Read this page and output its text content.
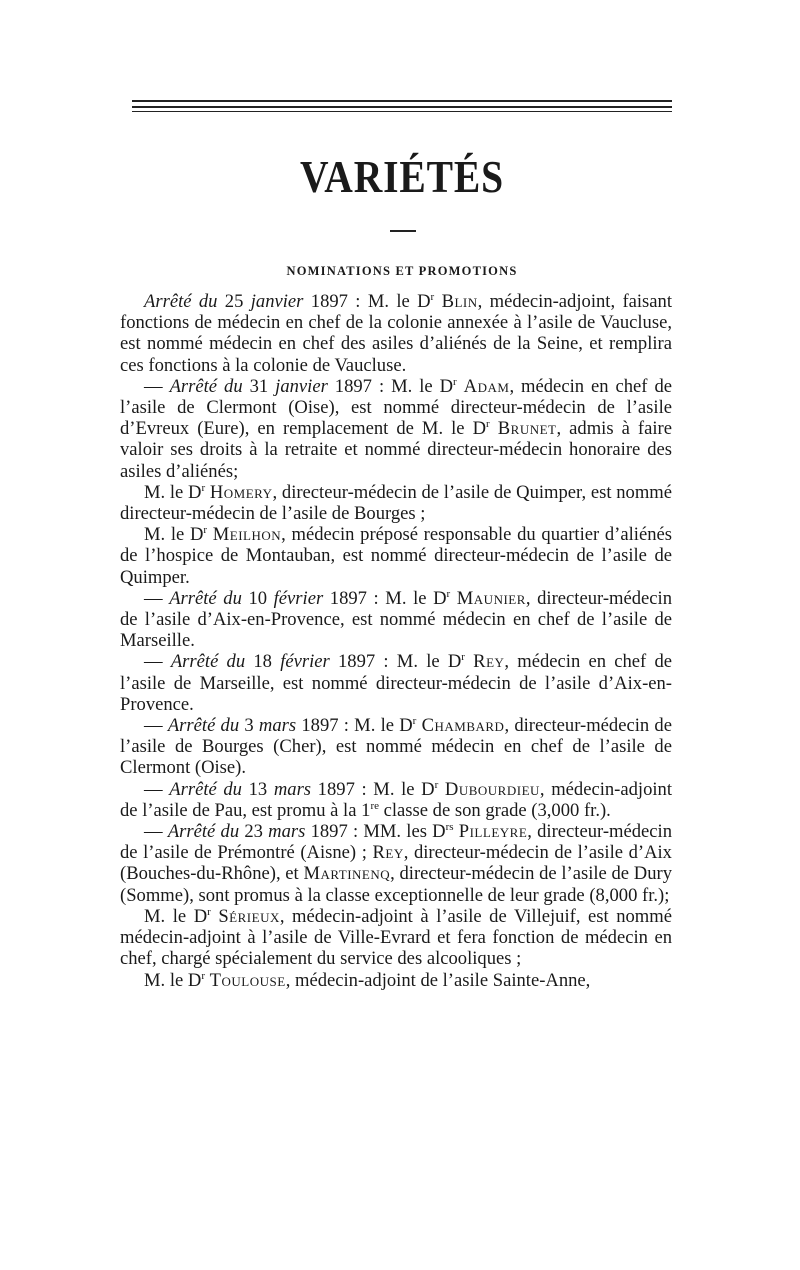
VARIÉTÉS
NOMINATIONS ET PROMOTIONS

Arrêté du 25 janvier 1897 : M. le $D^r$ Blin, médecin-adjoint, faisant fonctions de médecin en chef de la colonie annexée à l’asile de Vaucluse, est nommé médecin en chef des asiles d’aliénés de la Seine, et remplira ces fonctions à la colonie de Vaucluse.

— Arrêté du 31 janvier 1897 : M. le $D^r$ Adam, médecin en chef de l’asile de Clermont (Oise), est nommé directeur-médecin de l’asile d’Evreux (Eure), en remplacement de M. le $D^r$ Brunet, admis à faire valoir ses droits à la retraite et nommé directeur-médecin honoraire des asiles d’aliénés;

M. le $D^r$ Homery, directeur-médecin de l’asile de Quimper, est nommé directeur-médecin de l’asile de Bourges ;

M. le $D^r$ Meilhon, médecin préposé responsable du quartier d’aliénés de l’hospice de Montauban, est nommé directeur-médecin de l’asile de Quimper.

— Arrêté du 10 février 1897 : M. le $D^r$ Maunier, directeur-médecin de l’asile d’Aix-en-Provence, est nommé médecin en chef de l’asile de Marseille.

— Arrêté du 18 février 1897 : M. le $D^r$ Rey, médecin en chef de l’asile de Marseille, est nommé directeur-médecin de l’asile d’Aix-en-Provence.

— Arrêté du 3 mars 1897 : M. le $D^r$ Chambard, directeur-médecin de l’asile de Bourges (Cher), est nommé médecin en chef de l’asile de Clermont (Oise).

— Arrêté du 13 mars 1897 : M. le $D^r$ Dubourdieu, médecin-adjoint de l’asile de Pau, est promu à la 1re classe de son grade (3,000 fr.).

— Arrêté du 23 mars 1897 : MM. les $D^{rs}$ Pilleyre, directeur-médecin de l’asile de Prémontré (Aisne) ; Rey, directeur-médecin de l’asile d’Aix (Bouches-du-Rhône), et Martinenq, directeur-médecin de l’asile de Dury (Somme), sont promus à la classe exceptionnelle de leur grade (8,000 fr.);

M. le $D^r$ Sérieux, médecin-adjoint à l’asile de Villejuif, est nommé médecin-adjoint à l’asile de Ville-Evrard et fera fonction de médecin en chef, chargé spécialement du service des alcooliques ;

M. le $D^r$ Toulouse, médecin-adjoint de l’asile Sainte-Anne,
